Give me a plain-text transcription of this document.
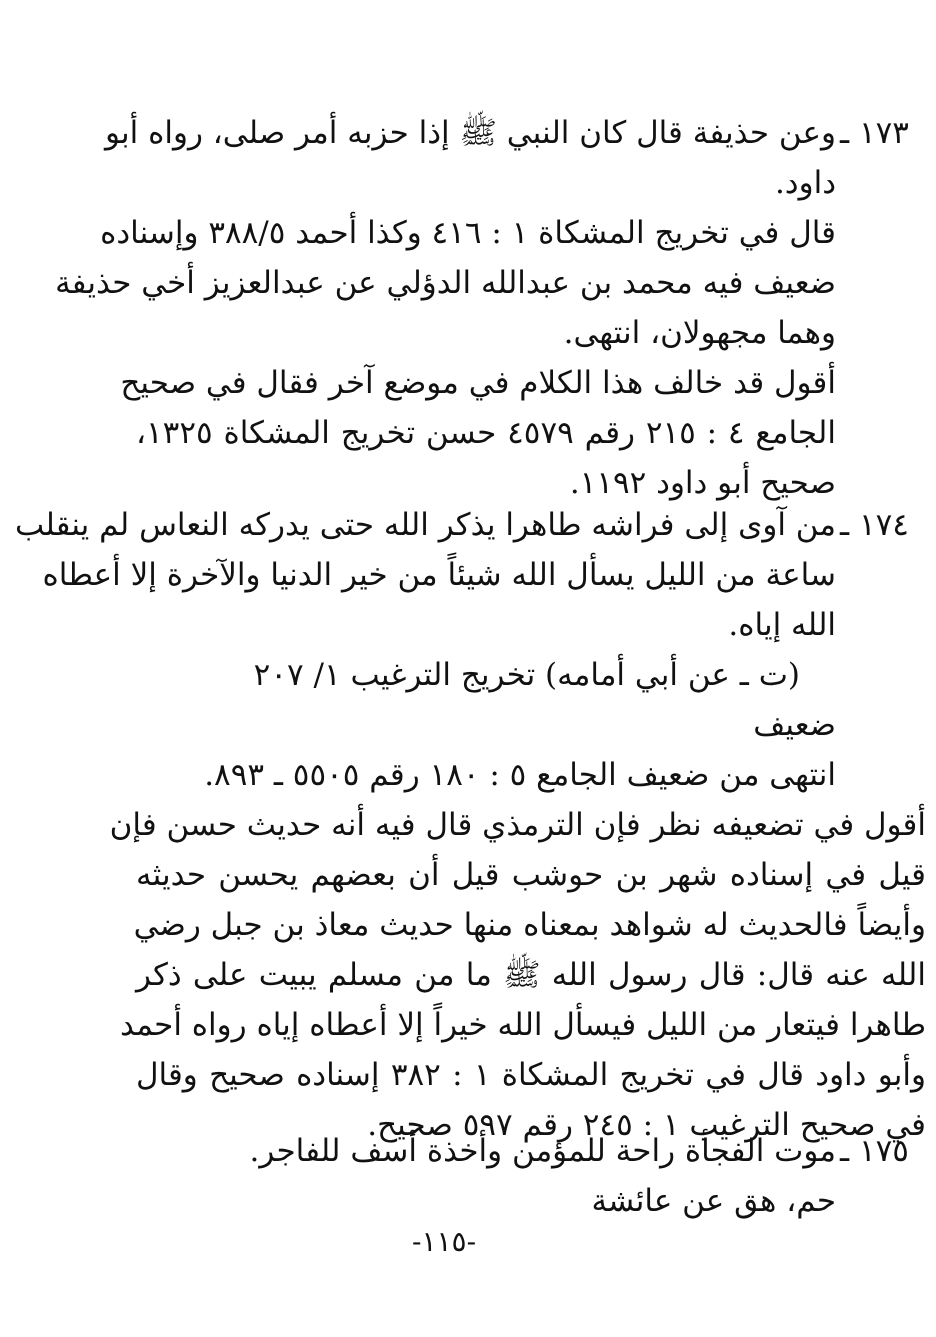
١٧٣ ـ
وعن حذيفة قال كان النبي ﷺ إذا حزبه أمر صلى، رواه أبو
داود.
قال في تخريج المشكاة ١ : ٤١٦ وكذا أحمد ٣٨٨/٥ وإسناده
ضعيف فيه محمد بن عبدالله الدؤلي عن عبدالعزيز أخي حذيفة
وهما مجهولان، انتهى.
أقول قد خالف هذا الكلام في موضع آخر فقال في صحيح
الجامع ٤ : ٢١٥ رقم ٤٥٧٩ حسن تخريج المشكاة ١٣٢٥،
صحيح أبو داود ١١٩٢.
١٧٤ ـ
من آوى إلى فراشه طاهرا يذكر الله حتى يدركه النعاس لم ينقلب
ساعة من الليل يسأل الله شيئاً من خير الدنيا والآخرة إلا أعطاه
الله إياه.
(ت ـ عن أبي أمامه) تخريج الترغيب ١/ ٢٠٧
ضعيف
انتهى من ضعيف الجامع ٥ : ١٨٠ رقم ٥٥٠٥ ـ ٨٩٣.
أقول في تضعيفه نظر فإن الترمذي قال فيه أنه حديث حسن فإن
قيل في إسناده شهر بن حوشب قيل أن بعضهم يحسن حديثه
وأيضاً فالحديث له شواهد بمعناه منها حديث معاذ بن جبل رضي
الله عنه قال: قال رسول الله ﷺ ما من مسلم يبيت على ذكر
طاهرا فيتعار من الليل فيسأل الله خيراً إلا أعطاه إياه رواه أحمد
وأبو داود قال في تخريج المشكاة ١ : ٣٨٢ إسناده صحيح وقال
في صحيح الترغيب ١ : ٢٤٥ رقم ٥٩٧ صحيح.
١٧٥ ـ
موت الفجأة راحة للمؤمن وأخذة أسف للفاجر.
حم، هق عن عائشة
-١١٥-
